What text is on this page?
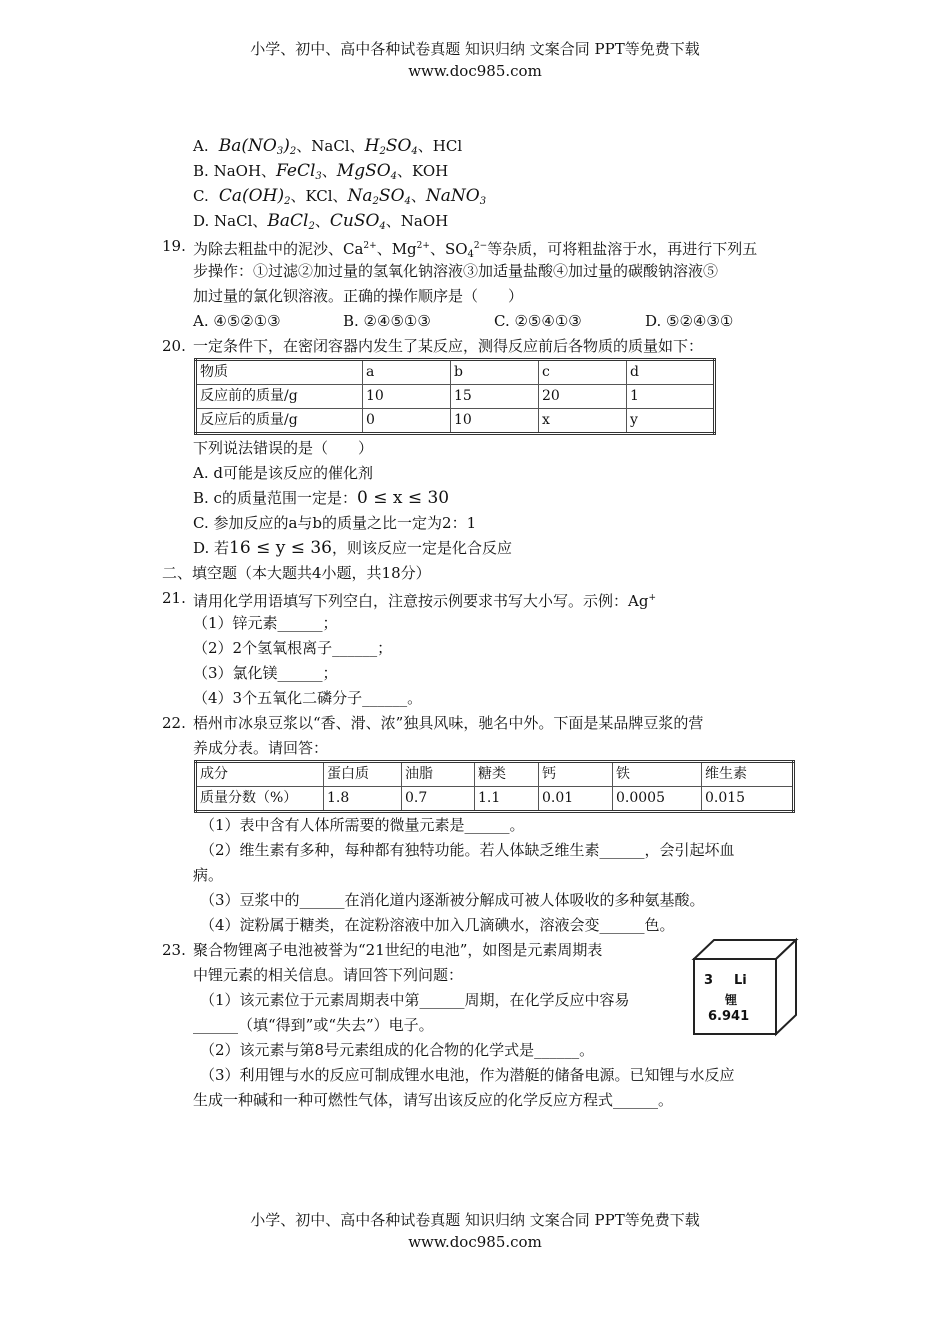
小学、初中、高中各种试卷真题 知识归纳 文案合同 PPT等免费下载
www.doc985.com
A.  $Ba(NO_3)_2$、NaCl、$H_2SO_4$、HCl
B. NaOH、FeCl$_3$、MgSO$_4$、KOH
C.  $Ca(OH)_2$、KCl、$Na_2SO_4$、NaNO$_3$
D. NaCl、BaCl$_2$、CuSO$_4$、NaOH
19. 为除去粗盐中的泥沙、$Ca^{2+}$、$Mg^{2+}$、$SO_4^{2-}$等杂质，可将粗盐溶于水，再进行下列五
步操作：①过滤②加过量的氢氧化钠溶液③加适量盐酸④加过量的碳酸钠溶液⑤
加过量的氯化钡溶液。正确的操作顺序是（　　）
A. ④⑤②①③	B. ②④⑤①③	C. ②⑤④①③	D. ⑤②④③①
20. 一定条件下，在密闭容器内发生了某反应，测得反应前后各物质的质量如下：
物质	a	b	c	d
反应前的质量/g	10	15	20	1
反应后的质量/g	0	10	x	y
下列说法错误的是（　　）
A. d可能是该反应的催化剂
B. c的质量范围一定是：0 ≤ x ≤ 30
C. 参加反应的a与b的质量之比一定为2：1
D. 若16 ≤ y ≤ 36，则该反应一定是化合反应
二、填空题（本大题共4小题，共18分）
21. 请用化学用语填写下列空白，注意按示例要求书写大小写。示例：Ag+
（1）锌元素______；
（2）2个氢氧根离子______；
（3）氯化镁______；
（4）3个五氧化二磷分子______。
22. 梧州市冰泉豆浆以“香、滑、浓”独具风味，驰名中外。下面是某品牌豆浆的营
养成分表。请回答：
成分	蛋白质	油脂	糖类	钙	铁	维生素
质量分数（%）	1.8	0.7	1.1	0.01	0.0005	0.015
（1）表中含有人体所需要的微量元素是______。
（2）维生素有多种，每种都有独特功能。若人体缺乏维生素______，会引起坏血
病。
（3）豆浆中的______在消化道内逐渐被分解成可被人体吸收的多种氨基酸。
（4）淀粉属于糖类，在淀粉溶液中加入几滴碘水，溶液会变______色。
23. 聚合物锂离子电池被誉为“21世纪的电池”，如图是元素周期表
中锂元素的相关信息。请回答下列问题：
（1）该元素位于元素周期表中第______周期，在化学反应中容易
______（填“得到”或“失去”）电子。
（2）该元素与第8号元素组成的化合物的化学式是______。
（3）利用锂与水的反应可制成锂水电池，作为潜艇的储备电源。已知锂与水反应
生成一种碱和一种可燃性气体，请写出该反应的化学反应方程式______。
3 Li
锂
6.941
小学、初中、高中各种试卷真题 知识归纳 文案合同 PPT等免费下载
www.doc985.com
